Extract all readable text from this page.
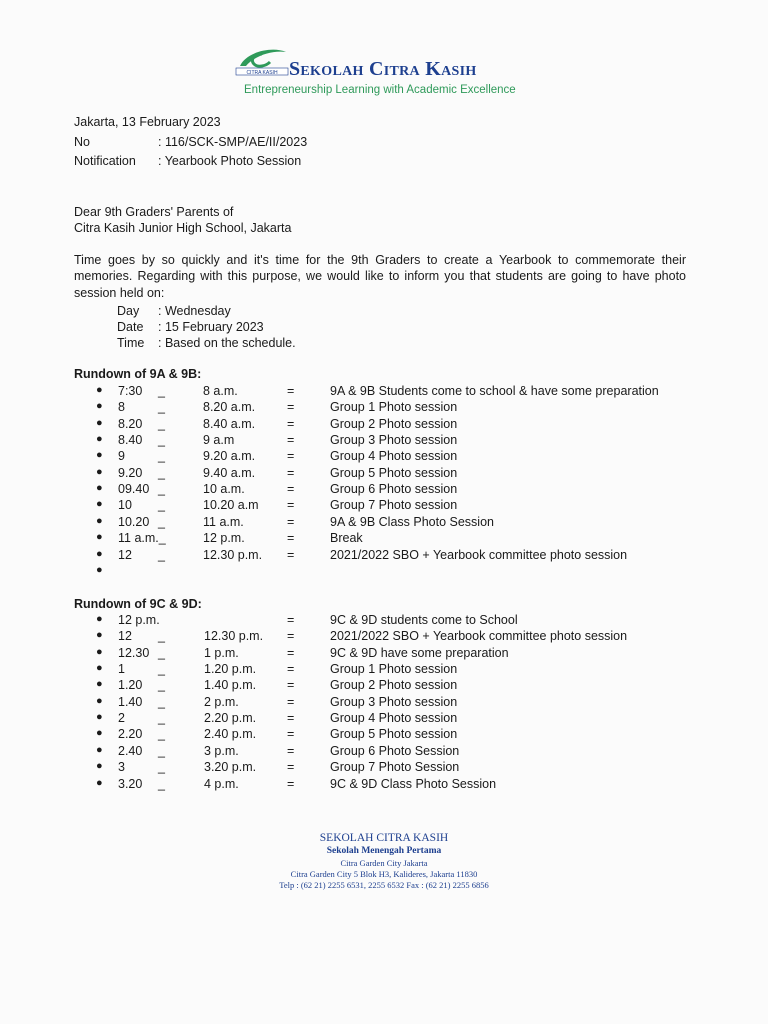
CITRA KASIH Sekolah Citra Kasih
Entrepreneurship Learning with Academic Excellence
Jakarta, 13 February 2023
No	: 116/SCK-SMP/AE/II/2023
Notification : Yearbook Photo Session
Dear 9th Graders' Parents of
Citra Kasih Junior High School, Jakarta
Time goes by so quickly and it's time for the 9th Graders to create a Yearbook to commemorate their memories. Regarding with this purpose, we would like to inform you that students are going to have photo session held on:
Day : Wednesday
Date : 15 February 2023
Time : Based on the schedule.
Rundown of 9A & 9B:
● 7:30 _	8 a.m.	=	9A & 9B Students come to school & have some preparation
● 8	_	8.20 a.m.	=	Group 1 Photo session
● 8.20 _	8.40 a.m.	=	Group 2 Photo session
● 8.40 _	9 a.m	=	Group 3 Photo session
● 9	_	9.20 a.m.	=	Group 4 Photo session
● 9.20 _	9.40 a.m.	=	Group 5 Photo session
● 09.40 _	10 a.m.	=	Group 6 Photo session
● 10 _	10.20 a.m =	Group 7 Photo session
● 10.20 _	11 a.m.	=	9A & 9B Class Photo Session
● 11 a.m._	12 p.m.	=	Break
● 12 _	12.30 p.m. =	2021/2022 SBO + Yearbook committee photo session
●
Rundown of 9C & 9D:
● 12 p.m.	=	9C & 9D students come to School
● 12 _	12.30 p.m. =	2021/2022 SBO + Yearbook committee photo session
● 12.30 _	1 p.m.	=	9C & 9D have some preparation
● 1	_	1.20 p.m. =	Group 1 Photo session
● 1.20 _	1.40 p.m. =	Group 2 Photo session
● 1.40 _	2 p.m.	=	Group 3 Photo session
● 2	_	2.20 p.m. =	Group 4 Photo session
● 2.20 _	2.40 p.m. =	Group 5 Photo session
● 2.40 _	3 p.m.	=	Group 6 Photo Session
● 3	_	3.20 p.m. =	Group 7 Photo Session
● 3.20 _	4 p.m.	=	9C & 9D Class Photo Session
SEKOLAH CITRA KASIH
Sekolah Menengah Pertama
Citra Garden City Jakarta
Citra Garden City 5 Blok H3, Kalideres, Jakarta 11830
Telp : (62 21) 2255 6531, 2255 6532 Fax : (62 21) 2255 6856
